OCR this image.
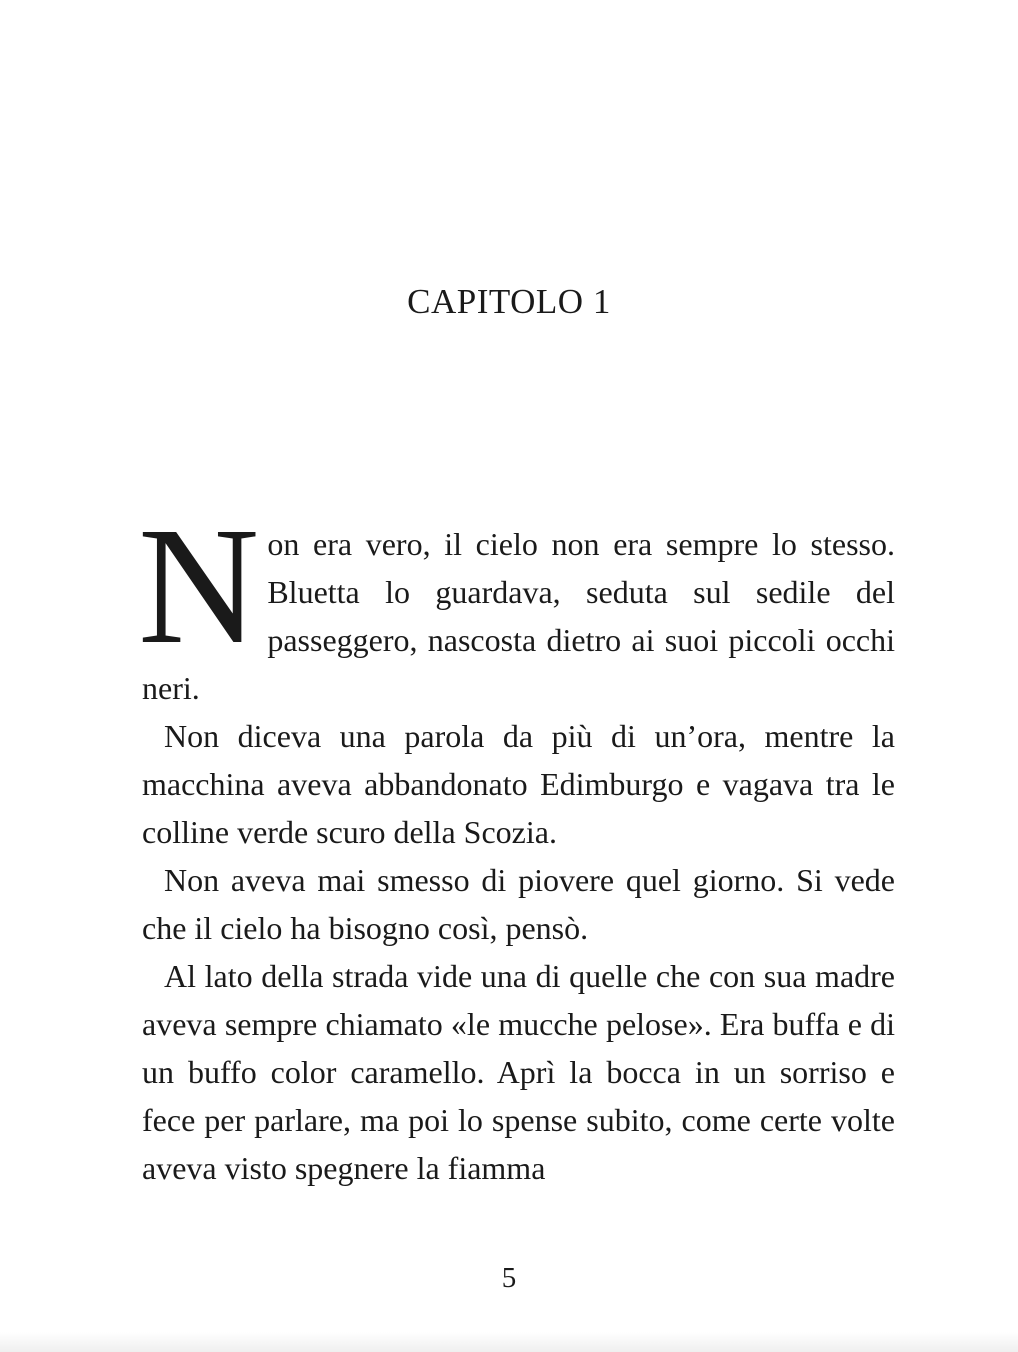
CAPITOLO 1

Non era vero, il cielo non era sempre lo stesso. Bluetta lo guardava, seduta sul sedile del passeggero, nascosta dietro ai suoi piccoli occhi neri.

Non diceva una parola da più di un’ora, mentre la macchina aveva abbandonato Edimburgo e vagava tra le colline verde scuro della Scozia.

Non aveva mai smesso di piovere quel giorno. Si vede che il cielo ha bisogno così, pensò.

Al lato della strada vide una di quelle che con sua madre aveva sempre chiamato «le mucche pelose». Era buffa e di un buffo color caramello. Aprì la bocca in un sorriso e fece per parlare, ma poi lo spense subito, come certe volte aveva visto spegnere la fiamma

5
